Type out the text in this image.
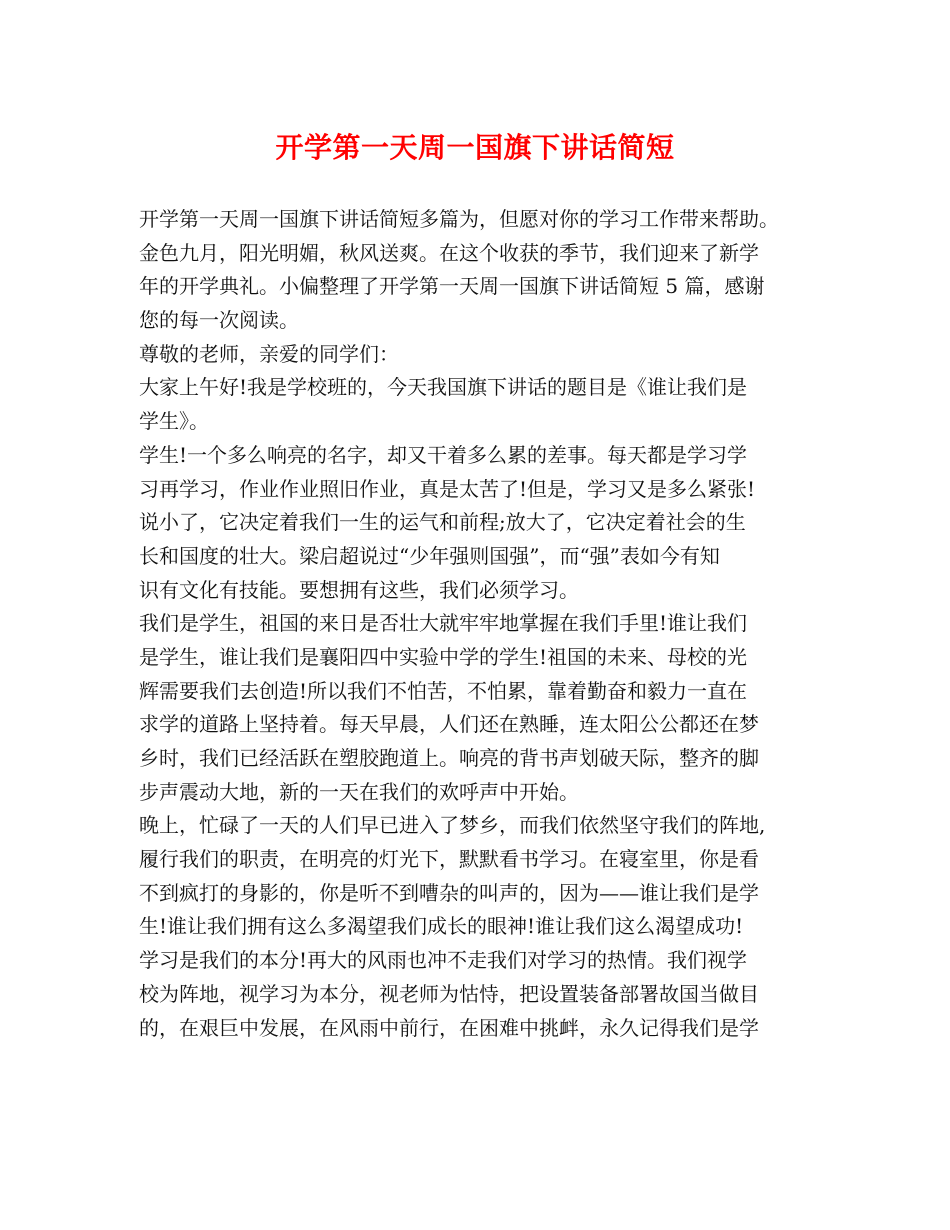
开学第一天周一国旗下讲话简短
开学第一天周一国旗下讲话简短多篇为，但愿对你的学习工作带来帮助。
金色九月，阳光明媚，秋风送爽。在这个收获的季节，我们迎来了新学
年的开学典礼。小偏整理了开学第一天周一国旗下讲话简短 5 篇，感谢
您的每一次阅读。
尊敬的老师，亲爱的同学们：
大家上午好!我是学校班的，今天我国旗下讲话的题目是《谁让我们是
学生》。
学生!一个多么响亮的名字，却又干着多么累的差事。每天都是学习学
习再学习，作业作业照旧作业，真是太苦了!但是，学习又是多么紧张!
说小了，它决定着我们一生的运气和前程;放大了，它决定着社会的生
长和国度的壮大。梁启超说过“少年强则国强”，而“强”表如今有知
识有文化有技能。要想拥有这些，我们必须学习。
我们是学生，祖国的来日是否壮大就牢牢地掌握在我们手里!谁让我们
是学生，谁让我们是襄阳四中实验中学的学生!祖国的未来、母校的光
辉需要我们去创造!所以我们不怕苦，不怕累，靠着勤奋和毅力一直在
求学的道路上坚持着。每天早晨，人们还在熟睡，连太阳公公都还在梦
乡时，我们已经活跃在塑胶跑道上。响亮的背书声划破天际，整齐的脚
步声震动大地，新的一天在我们的欢呼声中开始。
晚上，忙碌了一天的人们早已进入了梦乡，而我们依然坚守我们的阵地,
履行我们的职责，在明亮的灯光下，默默看书学习。在寝室里，你是看
不到疯打的身影的，你是听不到嘈杂的叫声的，因为——谁让我们是学
生!谁让我们拥有这么多渴望我们成长的眼神!谁让我们这么渴望成功!
学习是我们的本分!再大的风雨也冲不走我们对学习的热情。我们视学
校为阵地，视学习为本分，视老师为怙恃，把设置装备部署故国当做目
的，在艰巨中发展，在风雨中前行，在困难中挑衅，永久记得我们是学
